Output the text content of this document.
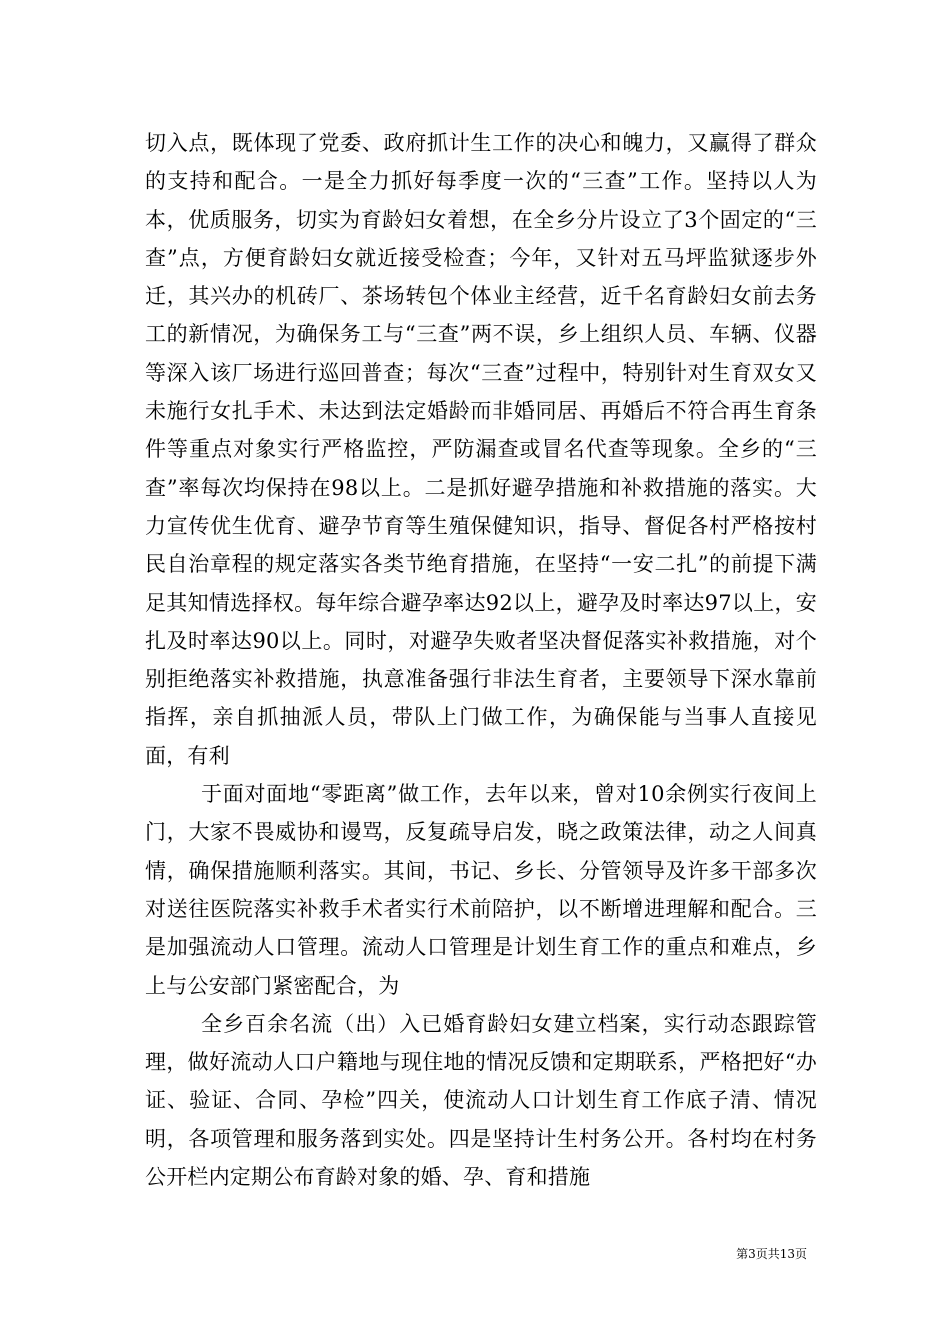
切入点，既体现了党委、政府抓计生工作的决心和魄力，又赢得了群众的支持和配合。一是全力抓好每季度一次的“三查”工作。坚持以人为本，优质服务，切实为育龄妇女着想，在全乡分片设立了3个固定的“三查”点，方便育龄妇女就近接受检查；今年，又针对五马坪监狱逐步外迁，其兴办的机砖厂、茶场转包个体业主经营，近千名育龄妇女前去务工的新情况，为确保务工与“三查”两不误，乡上组织人员、车辆、仪器等深入该厂场进行巡回普查；每次“三查”过程中，特别针对生育双女又未施行女扎手术、未达到法定婚龄而非婚同居、再婚后不符合再生育条件等重点对象实行严格监控，严防漏查或冒名代查等现象。全乡的“三查”率每次均保持在98以上。二是抓好避孕措施和补救措施的落实。大力宣传优生优育、避孕节育等生殖保健知识，指导、督促各村严格按村民自治章程的规定落实各类节绝育措施，在坚持“一安二扎”的前提下满足其知情选择权。每年综合避孕率达92以上，避孕及时率达97以上，安扎及时率达90以上。同时，对避孕失败者坚决督促落实补救措施，对个别拒绝落实补救措施，执意准备强行非法生育者，主要领导下深水靠前指挥，亲自抓抽派人员，带队上门做工作，为确保能与当事人直接见面，有利

于面对面地“零距离”做工作，去年以来，曾对10余例实行夜间上门，大家不畏威协和谩骂，反复疏导启发，晓之政策法律，动之人间真情，确保措施顺利落实。其间，书记、乡长、分管领导及许多干部多次对送往医院落实补救手术者实行术前陪护，以不断增进理解和配合。三是加强流动人口管理。流动人口管理是计划生育工作的重点和难点，乡上与公安部门紧密配合，为

全乡百余名流（出）入已婚育龄妇女建立档案，实行动态跟踪管理，做好流动人口户籍地与现住地的情况反馈和定期联系，严格把好“办证、验证、合同、孕检”四关，使流动人口计划生育工作底子清、情况明，各项管理和服务落到实处。四是坚持计生村务公开。各村均在村务公开栏内定期公布育龄对象的婚、孕、育和措施

第3页共13页
